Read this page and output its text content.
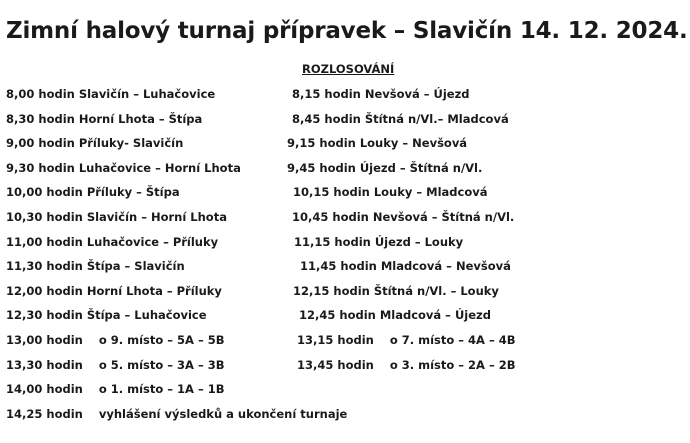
Zimní halový turnaj přípravek – Slavičín 14. 12. 2024.
ROZLOSOVÁNÍ
8,00 hodin Slavičín – Luhačovice	8,15 hodin Nevšová – Újezd
8,30 hodin Horní Lhota – Štípa	8,45 hodin Štítná n/Vl.– Mladcová
9,00 hodin Příluky- Slavičín	9,15 hodin Louky – Nevšová
9,30 hodin Luhačovice – Horní Lhota	9,45 hodin Újezd – Štítná n/Vl.
10,00 hodin Příluky – Štípa	10,15 hodin Louky – Mladcová
10,30 hodin Slavičín – Horní Lhota	10,45 hodin Nevšová – Štítná n/Vl.
11,00 hodin Luhačovice – Příluky	11,15 hodin Újezd – Louky
11,30 hodin Štípa – Slavičín	11,45 hodin Mladcová – Nevšová
12,00 hodin Horní Lhota – Příluky	12,15 hodin Štítná n/Vl. – Louky
12,30 hodin Štípa – Luhačovice	12,45 hodin Mladcová – Újezd
13,00 hodin    o 9. místo – 5A – 5B	13,15 hodin    o 7. místo – 4A – 4B
13,30 hodin    o 5. místo – 3A – 3B	13,45 hodin    o 3. místo – 2A – 2B
14,00 hodin    o 1. místo – 1A – 1B
14,25 hodin    vyhlášení výsledků a ukončení turnaje
